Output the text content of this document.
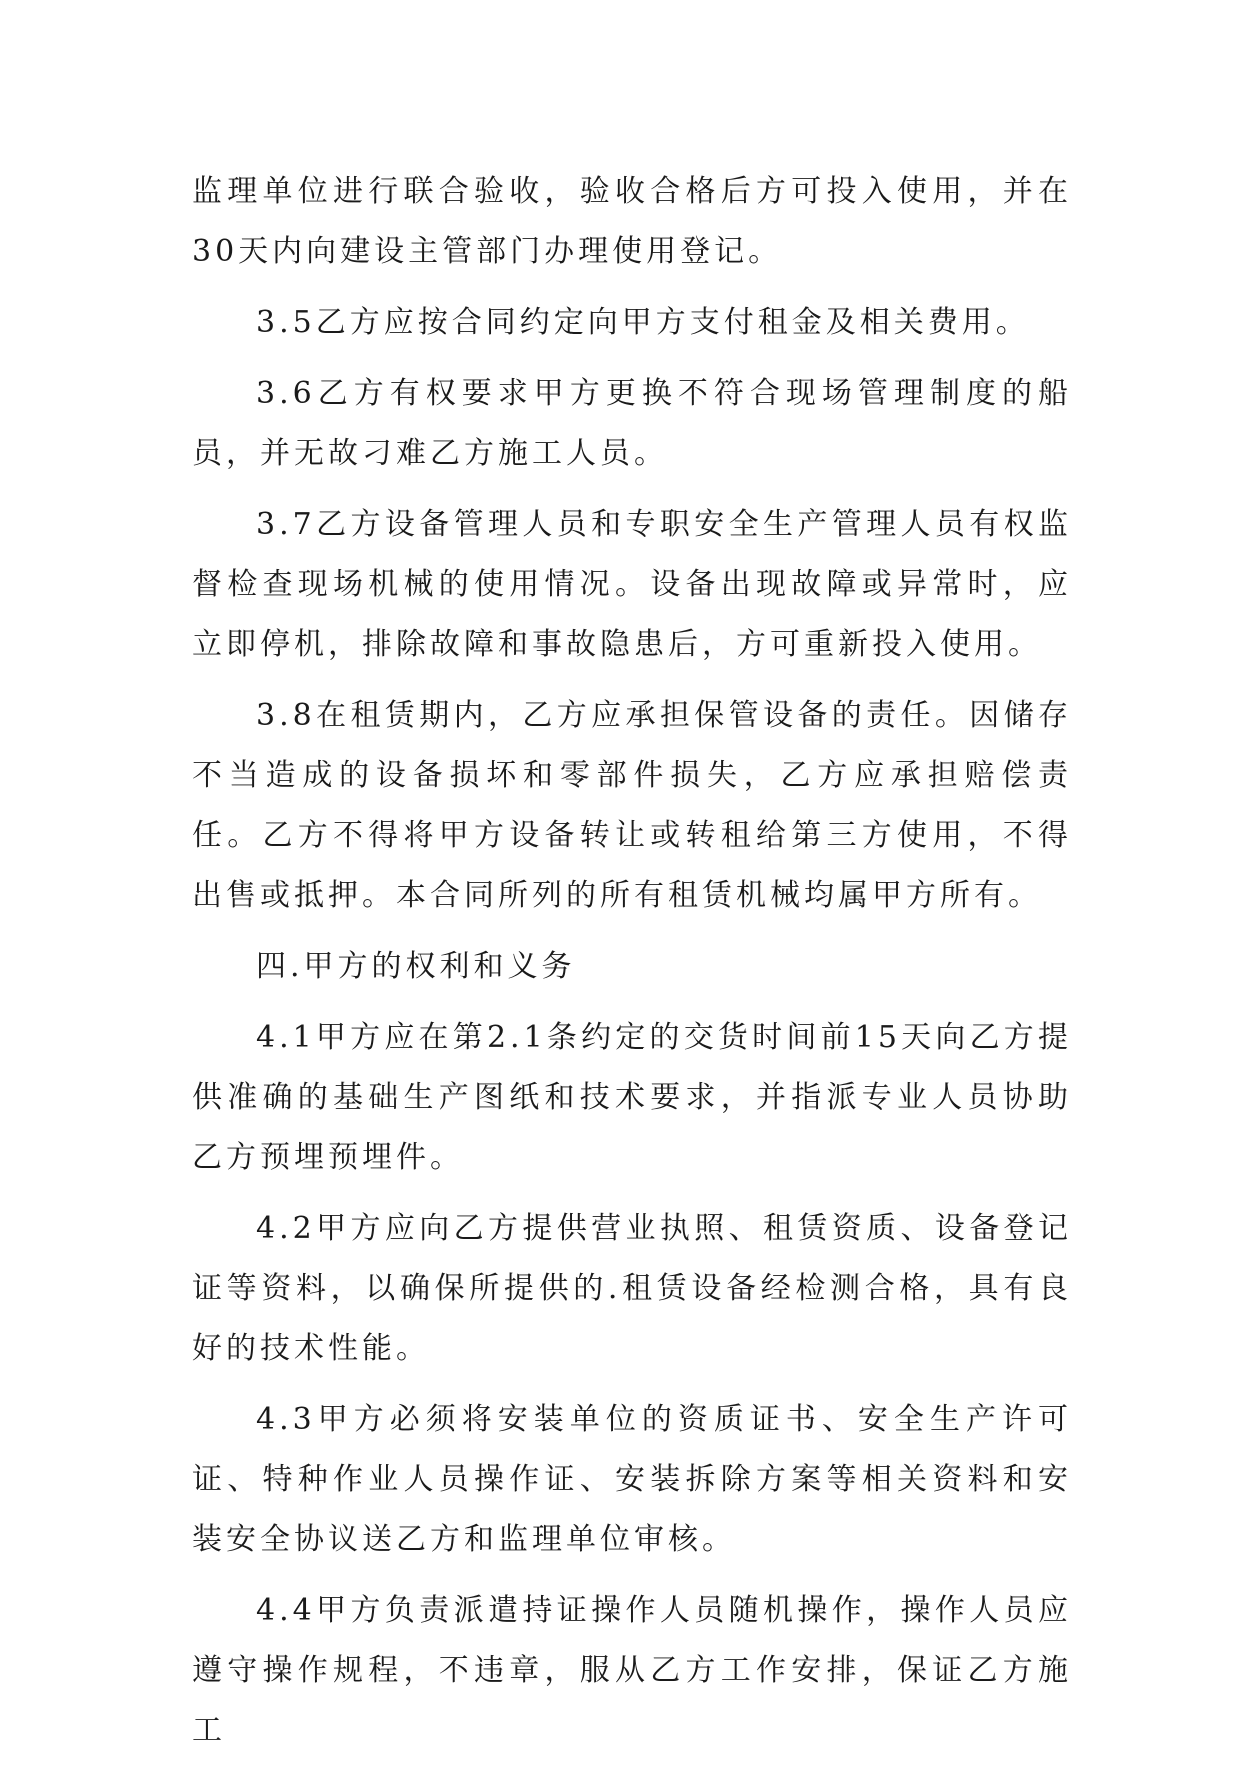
监理单位进行联合验收，验收合格后方可投入使用，并在30天内向建设主管部门办理使用登记。

3.5乙方应按合同约定向甲方支付租金及相关费用。

3.6乙方有权要求甲方更换不符合现场管理制度的船员，并无故刁难乙方施工人员。

3.7乙方设备管理人员和专职安全生产管理人员有权监督检查现场机械的使用情况。设备出现故障或异常时，应立即停机，排除故障和事故隐患后，方可重新投入使用。

3.8在租赁期内，乙方应承担保管设备的责任。因储存不当造成的设备损坏和零部件损失，乙方应承担赔偿责任。乙方不得将甲方设备转让或转租给第三方使用，不得出售或抵押。本合同所列的所有租赁机械均属甲方所有。

四.甲方的权利和义务

4.1甲方应在第2.1条约定的交货时间前15天向乙方提供准确的基础生产图纸和技术要求，并指派专业人员协助乙方预埋预埋件。

4.2甲方应向乙方提供营业执照、租赁资质、设备登记证等资料，以确保所提供的.租赁设备经检测合格，具有良好的技术性能。

4.3甲方必须将安装单位的资质证书、安全生产许可证、特种作业人员操作证、安装拆除方案等相关资料和安装安全协议送乙方和监理单位审核。

4.4甲方负责派遣持证操作人员随机操作，操作人员应遵守操作规程，不违章，服从乙方工作安排，保证乙方施工
